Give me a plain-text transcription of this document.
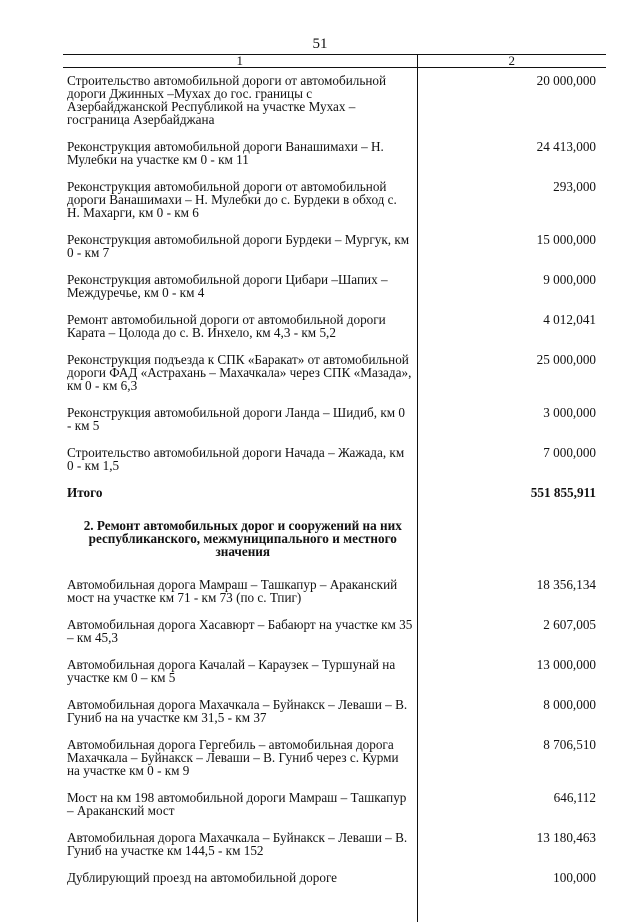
51
1	2
Строительство автомобильной дороги от автомобильной дороги Джинных –Мухах до гос. границы с Азербайджанской Республикой на участке Мухах – госграница Азербайджана	20 000,000
Реконструкция автомобильной дороги Ванашимахи – Н. Мулебки на участке км 0 - км 11	24 413,000
Реконструкция автомобильной дороги от автомобильной дороги Ванашимахи – Н. Мулебки до с. Бурдеки в обход с. Н. Махарги, км 0 - км 6	293,000
Реконструкция автомобильной дороги Бурдеки – Мургук, км 0 - км 7	15 000,000
Реконструкция автомобильной дороги Цибари –Шапих – Междуречье, км 0 - км 4	9 000,000
Ремонт автомобильной дороги от автомобильной дороги Карата – Цолода до с. В. Инхело, км 4,3 - км 5,2	4 012,041
Реконструкция подъезда к СПК «Баракат» от автомобильной дороги ФАД «Астрахань – Махачкала» через СПК «Мазада», км 0 - км 6,3	25 000,000
Реконструкция автомобильной дороги Ланда – Шидиб, км 0 - км 5	3 000,000
Строительство автомобильной дороги Начада – Жажада, км 0 - км 1,5	7 000,000
Итого	551 855,911
2. Ремонт автомобильных дорог и сооружений на них республиканского, межмуниципального и местного значения	
Автомобильная дорога Мамраш – Ташкапур – Араканский мост на участке км 71 - км 73 (по с. Тпиг)	18 356,134
Автомобильная дорога Хасавюрт – Бабаюрт на участке км 35 – км 45,3	2 607,005
Автомобильная дорога Качалай – Караузек – Туршунай на участке км 0 – км 5	13 000,000
Автомобильная дорога Махачкала – Буйнакск – Леваши – В. Гуниб на на участке км 31,5 - км 37	8 000,000
Автомобильная дорога Гергебиль – автомобильная дорога Махачкала – Буйнакск – Леваши – В. Гуниб через с. Курми на участке км 0 - км 9	8 706,510
Мост на км 198 автомобильной дороги Мамраш – Ташкапур – Араканский мост	646,112
Автомобильная дорога Махачкала – Буйнакск – Леваши – В. Гуниб на участке км 144,5 - км 152	13 180,463
Дублирующий проезд на автомобильной дороге	100,000
